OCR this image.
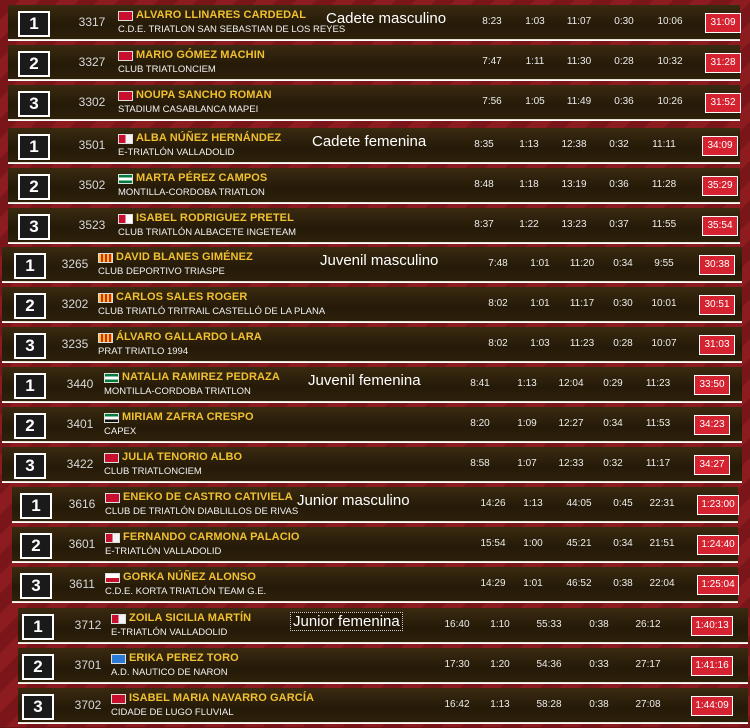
1	3317	ALVARO LLINARES CARDEDAL
C.D.E. TRIATLON SAN SEBASTIAN DE LOS REYES
8:23	1:03	11:07	0:30	10:06	31:09
Cadete masculino
2	3327	MARIO GÓMEZ MACHIN
CLUB TRIATLONCIEM
7:47	1:11	11:30	0:28	10:32	31:28
3	3302	NOUPA SANCHO ROMAN
STADIUM CASABLANCA MAPEI
7:56	1:05	11:49	0:36	10:26	31:52
1	3501	ALBA NÚÑEZ HERNÁNDEZ
E-TRIATLÓN VALLADOLID
8:35	1:13	12:38	0:32	11:11	34:09
Cadete femenina
2	3502	MARTA PÉREZ CAMPOS
MONTILLA-CORDOBA TRIATLON
8:48	1:18	13:19	0:36	11:28	35:29
3	3523	ISABEL RODRIGUEZ PRETEL
CLUB TRIATLÓN ALBACETE INGETEAM
8:37	1:22	13:23	0:37	11:55	35:54
1	3265	DAVID BLANES GIMÉNEZ
CLUB DEPORTIVO TRIASPE
7:48	1:01	11:20	0:34	9:55	30:38
Juvenil masculino
2	3202	CARLOS SALES ROGER
CLUB TRIATLÓ TRITRAIL CASTELLÓ DE LA PLANA
8:02	1:01	11:17	0:30	10:01	30:51
3	3235	ÁLVARO GALLARDO LARA
PRAT TRIATLO 1994
8:02	1:03	11:23	0:28	10:07	31:03
1	3440	NATALIA RAMIREZ PEDRAZA
MONTILLA-CORDOBA TRIATLON
8:41	1:13	12:04	0:29	11:23	33:50
Juvenil femenina
2	3401	MIRIAM ZAFRA CRESPO
CAPEX
8:20	1:09	12:27	0:34	11:53	34:23
3	3422	JULIA TENORIO ALBO
CLUB TRIATLONCIEM
8:58	1:07	12:33	0:32	11:17	34:27
1	3616	ENEKO DE CASTRO CATIVIELA
CLUB DE TRIATLÓN DIABLILLOS DE RIVAS
14:26	1:13	44:05	0:45	22:31	1:23:00
Junior masculino
2	3601	FERNANDO CARMONA PALACIO
E-TRIATLÓN VALLADOLID
15:54	1:00	45:21	0:34	21:51	1:24:40
3	3611	GORKA NÚÑEZ ALONSO
C.D.E. KORTA TRIATLÓN TEAM G.E.
14:29	1:01	46:52	0:38	22:04	1:25:04
1	3712	ZOILA SICILIA MARTÍN
E-TRIATLÓN VALLADOLID
16:40	1:10	55:33	0:38	26:12	1:40:13
Junior femenina
2	3701	ERIKA PEREZ TORO
A.D. NAUTICO DE NARON
17:30	1:20	54:36	0:33	27:17	1:41:16
3	3702	ISABEL MARIA NAVARRO GARCÍA
CIDADE DE LUGO FLUVIAL
16:42	1:13	58:28	0:38	27:08	1:44:09
